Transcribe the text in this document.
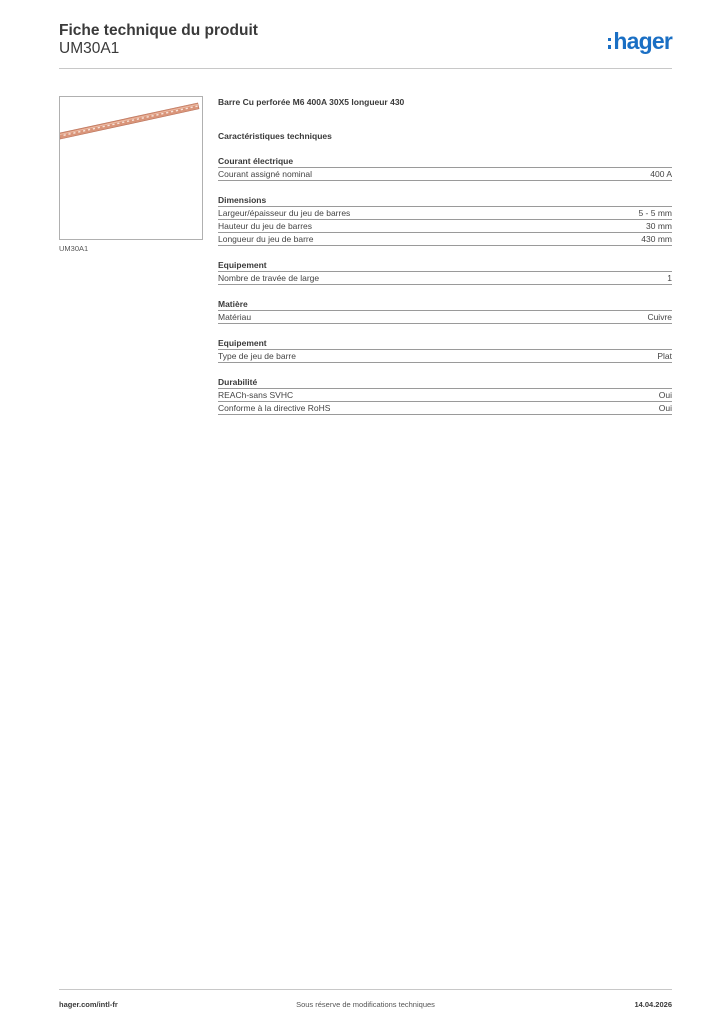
Fiche technique du produit
UM30A1	hager
UM30A1
Barre Cu perforée M6 400A 30X5 longueur 430
Caractéristiques techniques
Courant électrique
Courant assigné nominal	400 A
Dimensions
Largeur/épaisseur du jeu de barres	5 - 5 mm
Hauteur du jeu de barres	30 mm
Longueur du jeu de barre	430 mm
Equipement
Nombre de travée de large	1
Matière
Matériau	Cuivre
Equipement
Type de jeu de barre	Plat
Durabilité
REACh-sans SVHC	Oui
Conforme à la directive RoHS	Oui
hager.com/intl-fr	Sous réserve de modifications techniques	14.04.2026
